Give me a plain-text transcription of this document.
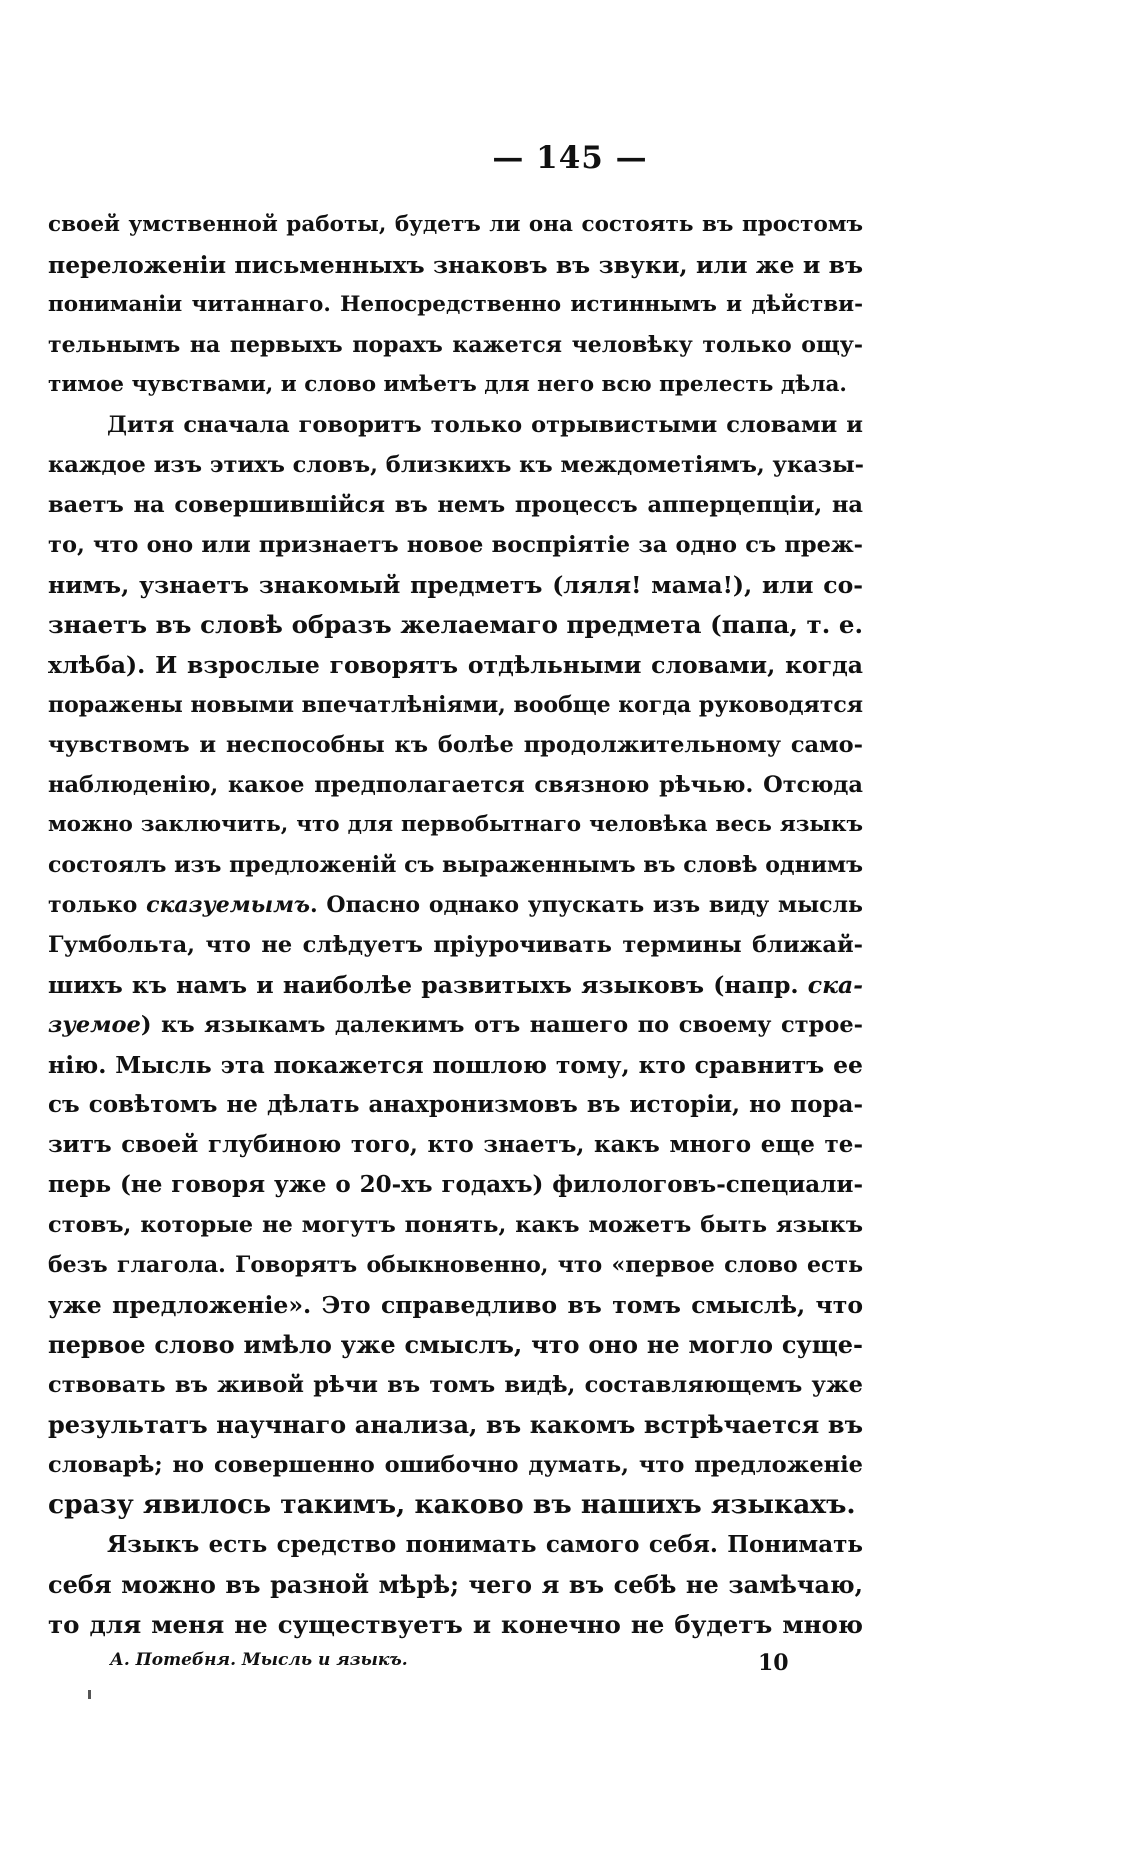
— 145 —
своей умственной работы, будетъ ли она состоять въ простомъ
переложеніи письменныхъ знаковъ въ звуки, или же и въ
пониманіи читаннаго. Непосредственно истиннымъ и дѣйстви-
тельнымъ на первыхъ порахъ кажется человѣку только ощу-
тимое чувствами, и слово имѣетъ для него всю прелесть дѣла.
Дитя сначала говоритъ только отрывистыми словами и
каждое изъ этихъ словъ, близкихъ къ междометіямъ, указы-
ваетъ на совершившійся въ немъ процессъ апперцепціи, на
то, что оно или признаетъ новое воспріятіе за одно съ преж-
нимъ, узнаетъ знакомый предметъ (ляля! мама!), или со-
знаетъ въ словѣ образъ желаемаго предмета (папа, т. е.
хлѣба). И взрослые говорятъ отдѣльными словами, когда
поражены новыми впечатлѣніями, вообще когда руководятся
чувствомъ и неспособны къ болѣе продолжительному само-
наблюденію, какое предполагается связною рѣчью. Отсюда
можно заключить, что для первобытнаго человѣка весь языкъ
состоялъ изъ предложеній съ выраженнымъ въ словѣ однимъ
только сказуемымъ. Опасно однако упускать изъ виду мысль
Гумбольта, что не слѣдуетъ пріурочивать термины ближай-
шихъ къ намъ и наиболѣе развитыхъ языковъ (напр. ска-
зуемое) къ языкамъ далекимъ отъ нашего по своему строе-
нію. Мысль эта покажется пошлою тому, кто сравнитъ ее
съ совѣтомъ не дѣлать анахронизмовъ въ исторіи, но пора-
зитъ своей глубиною того, кто знаетъ, какъ много еще те-
перь (не говоря уже о 20-хъ годахъ) филологовъ-специали-
стовъ, которые не могутъ понять, какъ можетъ быть языкъ
безъ глагола. Говорятъ обыкновенно, что «первое слово есть
уже предложеніе». Это справедливо въ томъ смыслѣ, что
первое слово имѣло уже смыслъ, что оно не могло суще-
ствовать въ живой рѣчи въ томъ видѣ, составляющемъ уже
результатъ научнаго анализа, въ какомъ встрѣчается въ
словарѣ; но совершенно ошибочно думать, что предложеніе
сразу явилось такимъ, каково въ нашихъ языкахъ.
Языкъ есть средство понимать самого себя. Понимать
себя можно въ разной мѣрѣ; чего я въ себѣ не замѣчаю,
то для меня не существуетъ и конечно не будетъ мною
А. Потебня. Мысль и языкъ.	10
